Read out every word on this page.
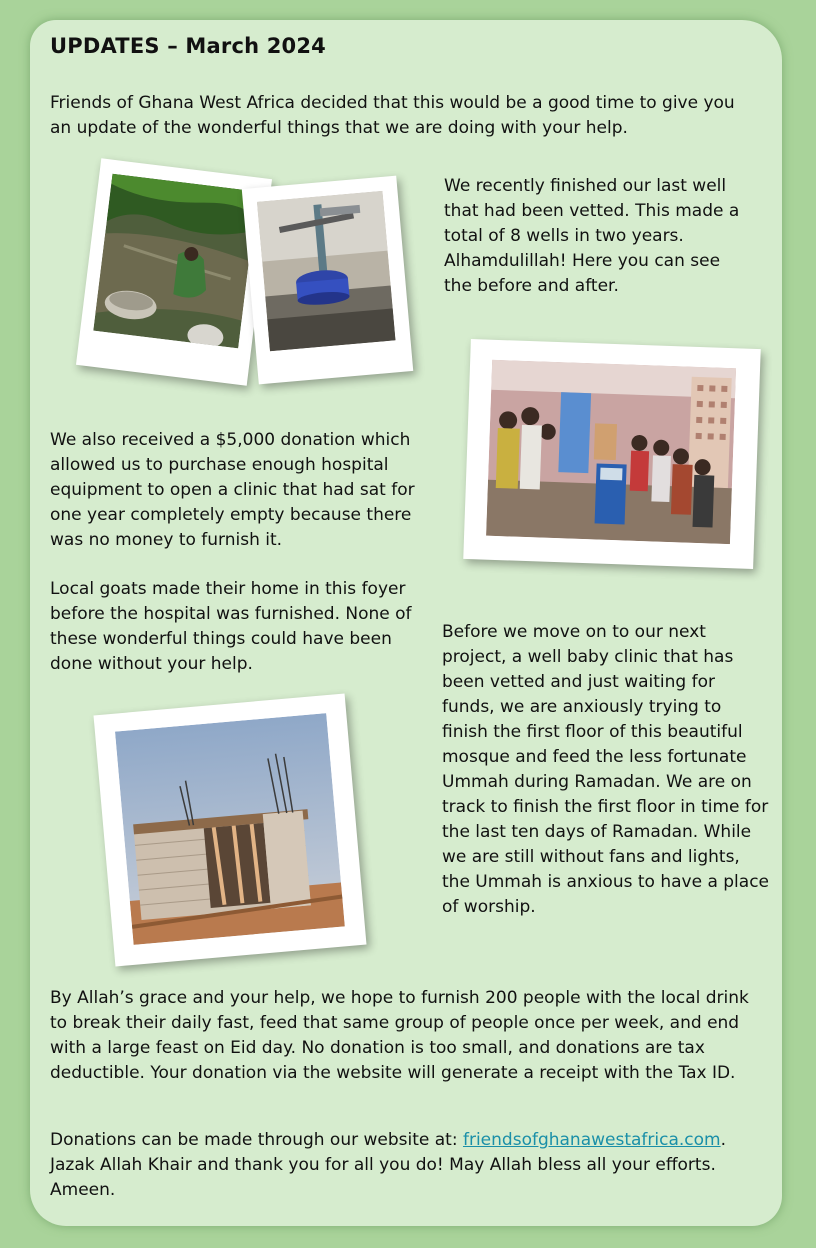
UPDATES – March 2024

Friends of Ghana West Africa decided that this would be a good time to give you an update of the wonderful things that we are doing with your help.

We recently finished our last well that had been vetted. This made a total of 8 wells in two years. Alhamdulillah! Here you can see the before and after.

We also received a $5,000 donation which allowed us to purchase enough hospital equipment to open a clinic that had sat for one year completely empty because there was no money to furnish it.

Local goats made their home in this foyer before the hospital was furnished. None of these wonderful things could have been done without your help.

Before we move on to our next project, a well baby clinic that has been vetted and just waiting for funds, we are anxiously trying to finish the first floor of this beautiful mosque and feed the less fortunate Ummah during Ramadan. We are on track to finish the first floor in time for the last ten days of Ramadan. While we are still without fans and lights, the Ummah is anxious to have a place of worship.

By Allah’s grace and your help, we hope to furnish 200 people with the local drink to break their daily fast, feed that same group of people once per week, and end with a large feast on Eid day. No donation is too small, and donations are tax deductible. Your donation via the website will generate a receipt with the Tax ID.

Donations can be made through our website at: friendsofghanawestafrica.com. Jazak Allah Khair and thank you for all you do! May Allah bless all your efforts. Ameen.
